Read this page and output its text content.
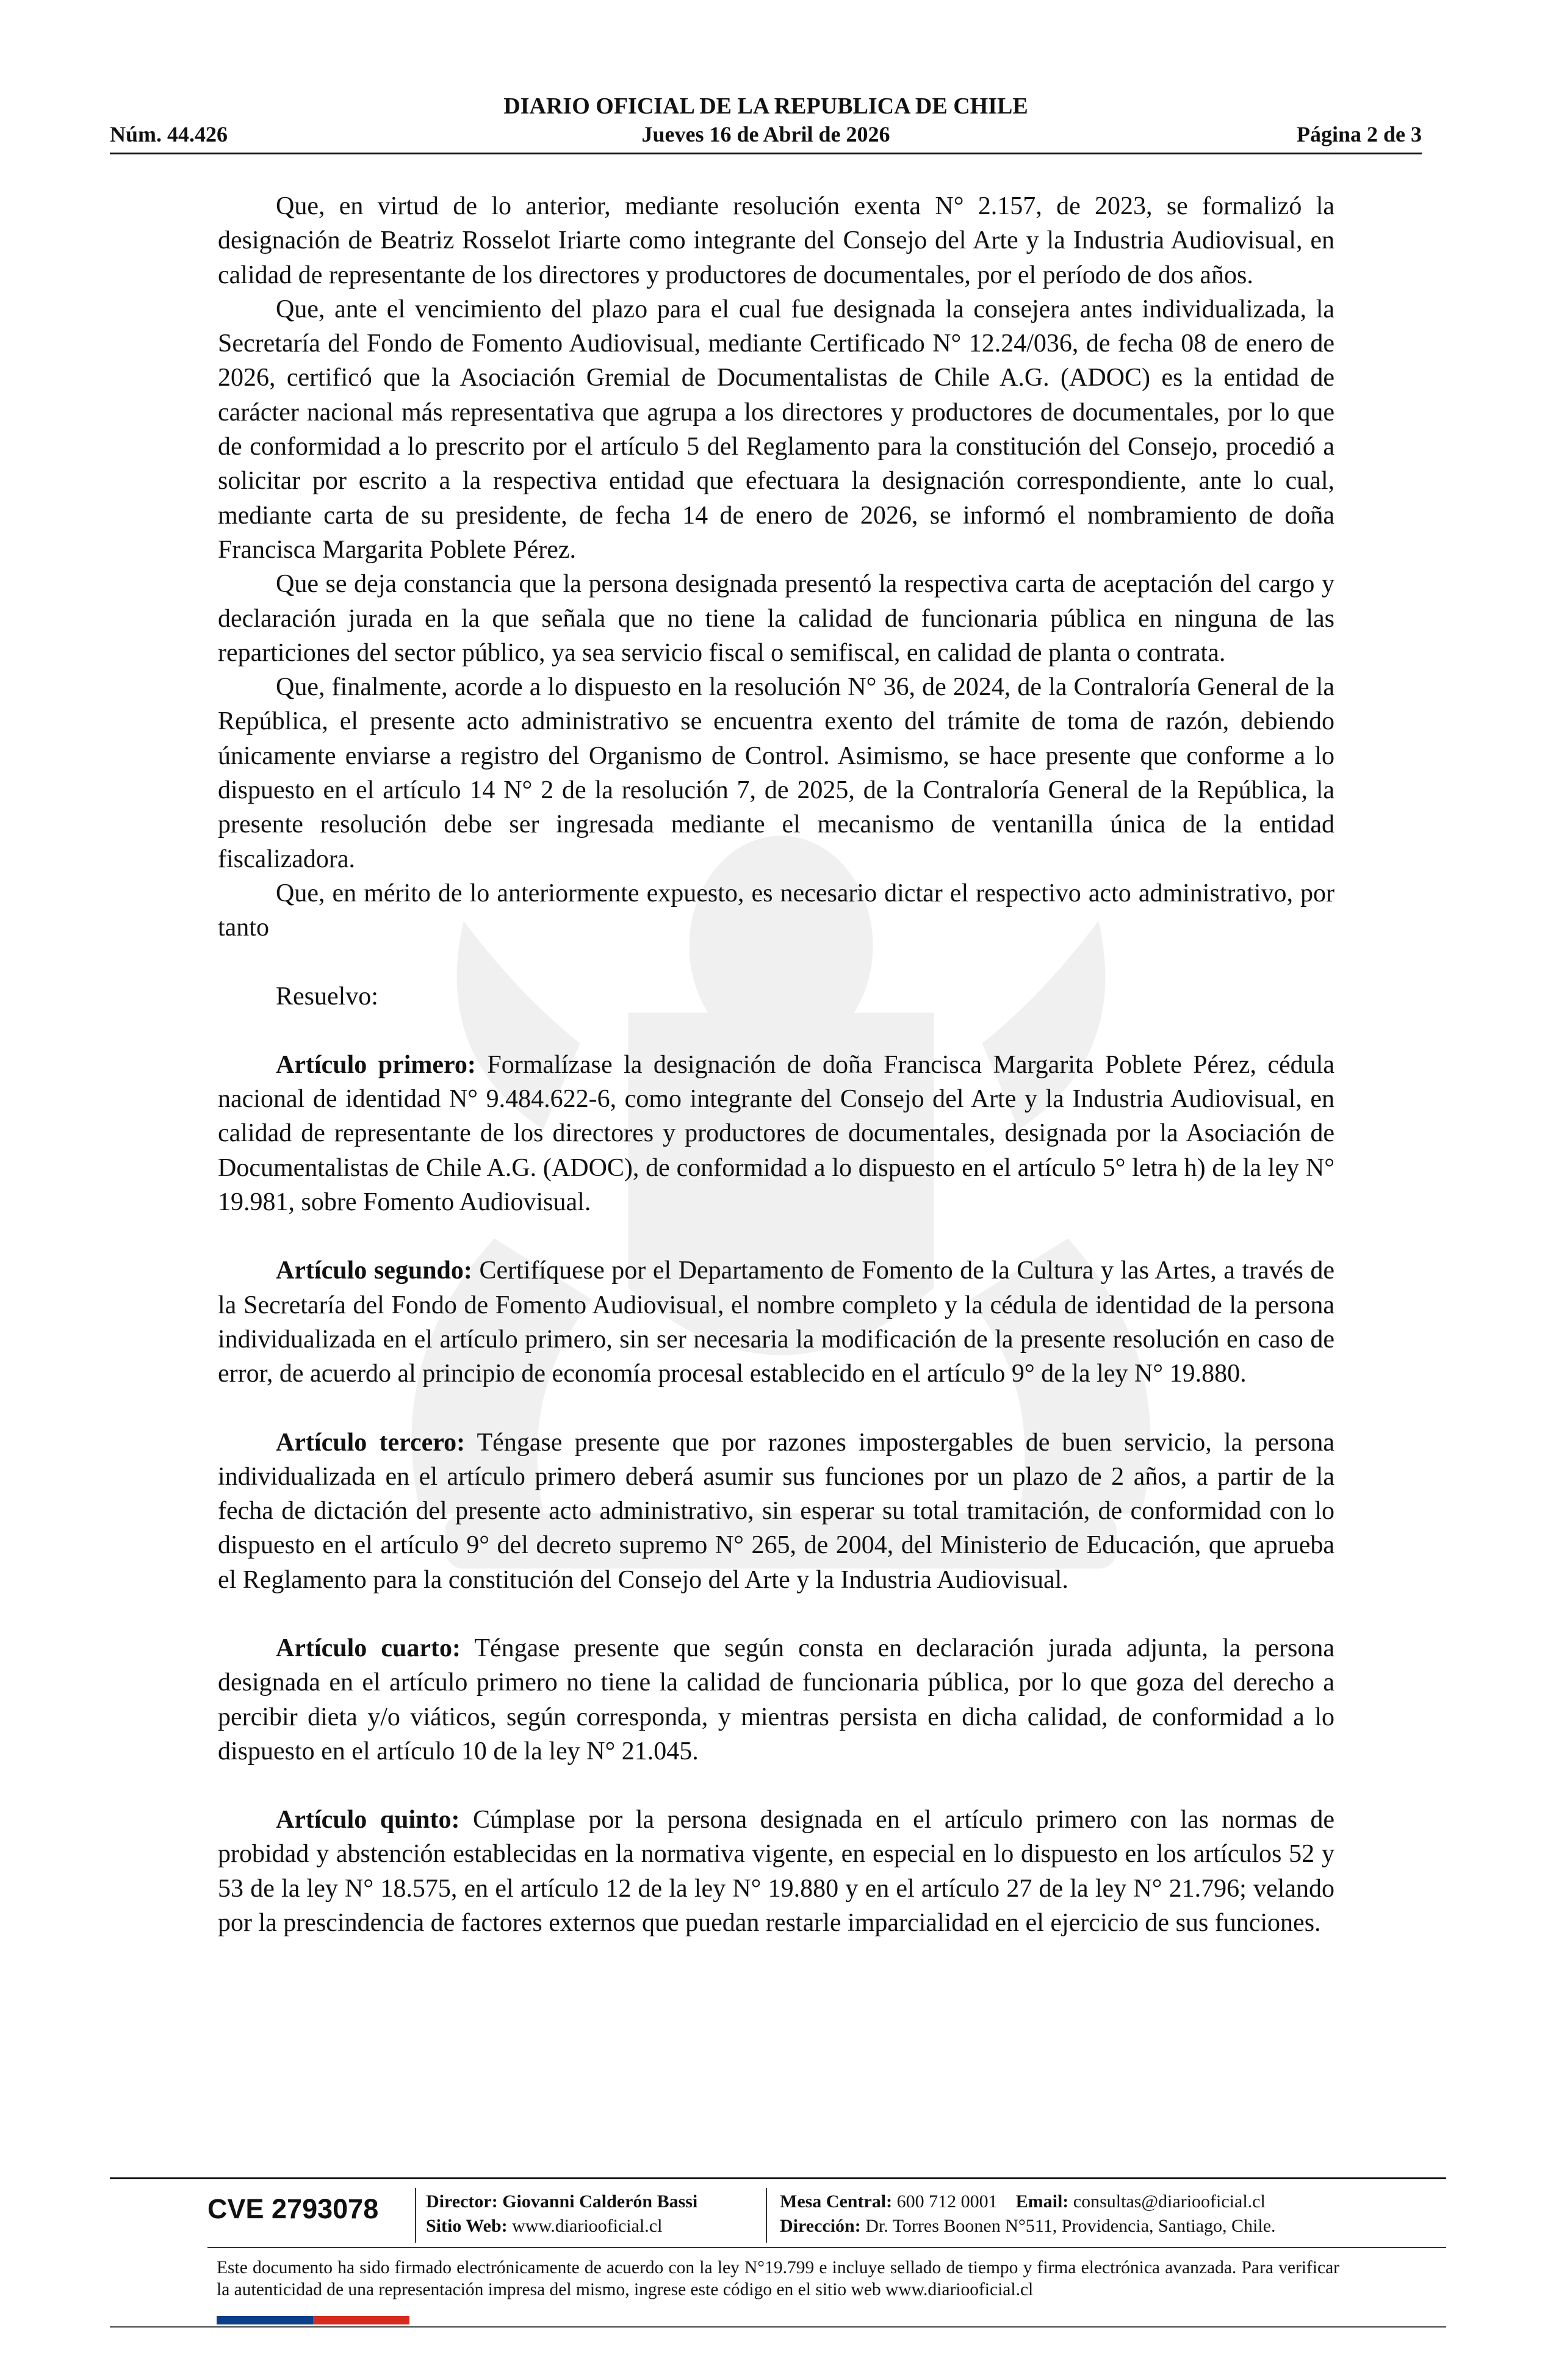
DIARIO OFICIAL DE LA REPUBLICA DE CHILE
Núm. 44.426	Jueves 16 de Abril de 2026	Página 2 de 3

Que, en virtud de lo anterior, mediante resolución exenta N° 2.157, de 2023, se formalizó la designación de Beatriz Rosselot Iriarte como integrante del Consejo del Arte y la Industria Audiovisual, en calidad de representante de los directores y productores de documentales, por el período de dos años.

Que, ante el vencimiento del plazo para el cual fue designada la consejera antes individualizada, la Secretaría del Fondo de Fomento Audiovisual, mediante Certificado N° 12.24/036, de fecha 08 de enero de 2026, certificó que la Asociación Gremial de Documentalistas de Chile A.G. (ADOC) es la entidad de carácter nacional más representativa que agrupa a los directores y productores de documentales, por lo que de conformidad a lo prescrito por el artículo 5 del Reglamento para la constitución del Consejo, procedió a solicitar por escrito a la respectiva entidad que efectuara la designación correspondiente, ante lo cual, mediante carta de su presidente, de fecha 14 de enero de 2026, se informó el nombramiento de doña Francisca Margarita Poblete Pérez.

Que se deja constancia que la persona designada presentó la respectiva carta de aceptación del cargo y declaración jurada en la que señala que no tiene la calidad de funcionaria pública en ninguna de las reparticiones del sector público, ya sea servicio fiscal o semifiscal, en calidad de planta o contrata.

Que, finalmente, acorde a lo dispuesto en la resolución N° 36, de 2024, de la Contraloría General de la República, el presente acto administrativo se encuentra exento del trámite de toma de razón, debiendo únicamente enviarse a registro del Organismo de Control. Asimismo, se hace presente que conforme a lo dispuesto en el artículo 14 N° 2 de la resolución 7, de 2025, de la Contraloría General de la República, la presente resolución debe ser ingresada mediante el mecanismo de ventanilla única de la entidad fiscalizadora.

Que, en mérito de lo anteriormente expuesto, es necesario dictar el respectivo acto administrativo, por tanto

Resuelvo:

Artículo primero: Formalízase la designación de doña Francisca Margarita Poblete Pérez, cédula nacional de identidad N° 9.484.622-6, como integrante del Consejo del Arte y la Industria Audiovisual, en calidad de representante de los directores y productores de documentales, designada por la Asociación de Documentalistas de Chile A.G. (ADOC), de conformidad a lo dispuesto en el artículo 5° letra h) de la ley N° 19.981, sobre Fomento Audiovisual.

Artículo segundo: Certifíquese por el Departamento de Fomento de la Cultura y las Artes, a través de la Secretaría del Fondo de Fomento Audiovisual, el nombre completo y la cédula de identidad de la persona individualizada en el artículo primero, sin ser necesaria la modificación de la presente resolución en caso de error, de acuerdo al principio de economía procesal establecido en el artículo 9° de la ley N° 19.880.

Artículo tercero: Téngase presente que por razones impostergables de buen servicio, la persona individualizada en el artículo primero deberá asumir sus funciones por un plazo de 2 años, a partir de la fecha de dictación del presente acto administrativo, sin esperar su total tramitación, de conformidad con lo dispuesto en el artículo 9° del decreto supremo N° 265, de 2004, del Ministerio de Educación, que aprueba el Reglamento para la constitución del Consejo del Arte y la Industria Audiovisual.

Artículo cuarto: Téngase presente que según consta en declaración jurada adjunta, la persona designada en el artículo primero no tiene la calidad de funcionaria pública, por lo que goza del derecho a percibir dieta y/o viáticos, según corresponda, y mientras persista en dicha calidad, de conformidad a lo dispuesto en el artículo 10 de la ley N° 21.045.

Artículo quinto: Cúmplase por la persona designada en el artículo primero con las normas de probidad y abstención establecidas en la normativa vigente, en especial en lo dispuesto en los artículos 52 y 53 de la ley N° 18.575, en el artículo 12 de la ley N° 19.880 y en el artículo 27 de la ley N° 21.796; velando por la prescindencia de factores externos que puedan restarle imparcialidad en el ejercicio de sus funciones.

CVE 2793078	Director: Giovanni Calderón Bassi
Sitio Web: www.diariooficial.cl
Mesa Central: 600 712 0001 Email: consultas@diariooficial.cl
Dirección: Dr. Torres Boonen N°511, Providencia, Santiago, Chile.
Este documento ha sido firmado electrónicamente de acuerdo con la ley N°19.799 e incluye sellado de tiempo y firma electrónica avanzada. Para verificar la autenticidad de una representación impresa del mismo, ingrese este código en el sitio web www.diariooficial.cl
